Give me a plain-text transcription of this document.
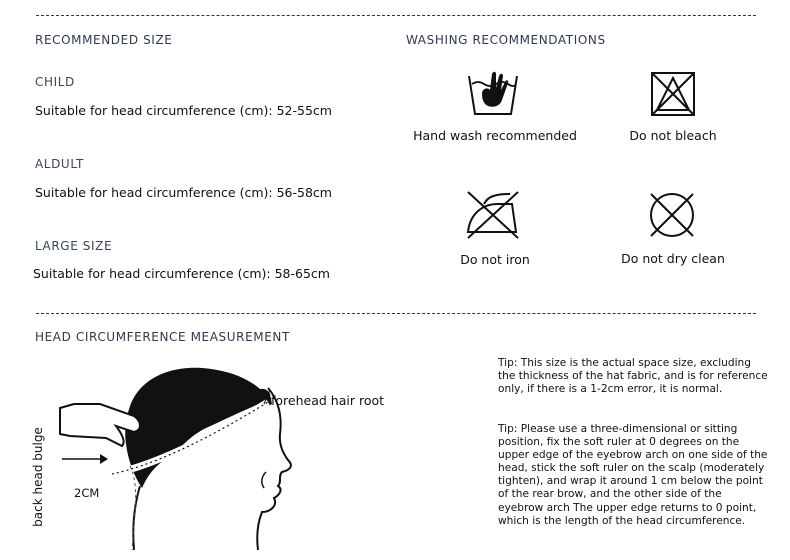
RECOMMENDED SIZE
CHILD
Suitable for head circumference (cm): 52-55cm
ALDULT
Suitable for head circumference (cm): 56-58cm
LARGE SIZE
Suitable for head circumference (cm): 58-65cm
WASHING RECOMMENDATIONS
Hand wash recommended	Do not bleach
Do not iron	Do not dry clean
HEAD CIRCUMFERENCE MEASUREMENT
forehead hair root
2CM
back head bulge
Tip: This size is the actual space size, excluding the thickness of the hat fabric, and is for reference only, if there is a 1-2cm error, it is normal.
Tip: Please use a three-dimensional or sitting position, fix the soft ruler at 0 degrees on the upper edge of the eyebrow arch on one side of the head, stick the soft ruler on the scalp (moderately tighten), and wrap it around 1 cm below the point of the rear brow, and the other side of the eyebrow arch The upper edge returns to 0 point, which is the length of the head circumference.
